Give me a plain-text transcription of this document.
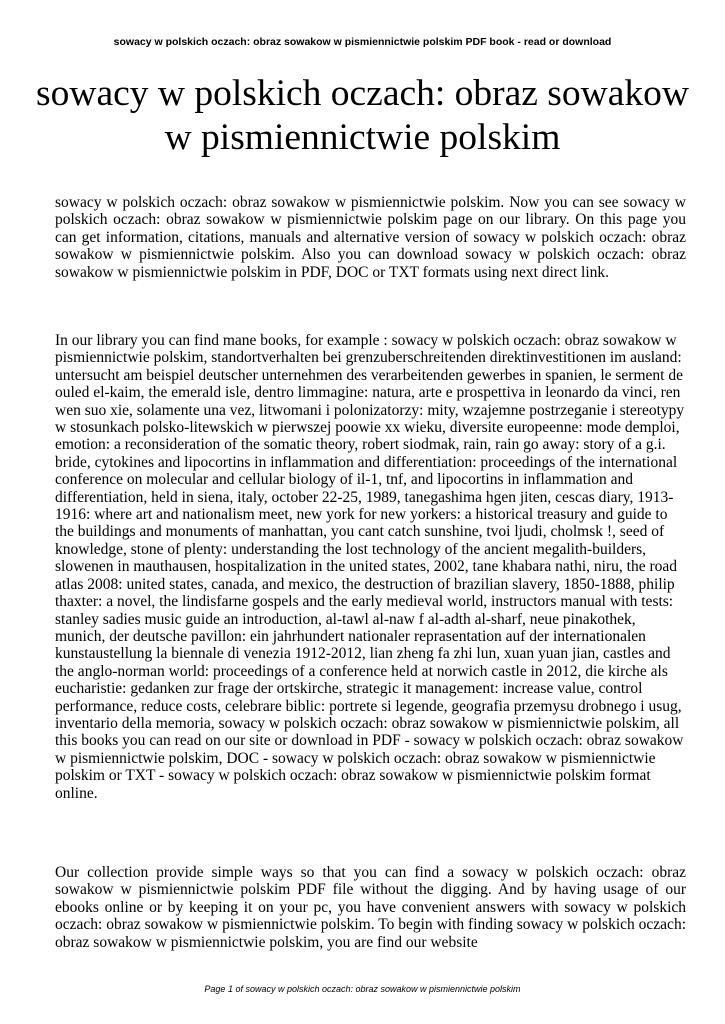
sowacy w polskich oczach: obraz sowakow w pismiennictwie polskim PDF book - read or download
sowacy w polskich oczach: obraz sowakow
w pismiennictwie polskim

sowacy w polskich oczach: obraz sowakow w pismiennictwie polskim. Now you can see sowacy w polskich oczach: obraz sowakow w pismiennictwie polskim page on our library. On this page you can get information, citations, manuals and alternative version of sowacy w polskich oczach: obraz sowakow w pismiennictwie polskim. Also you can download sowacy w polskich oczach: obraz sowakow w pismiennictwie polskim in PDF, DOC or TXT formats using next direct link.

In our library you can find mane books, for example : sowacy w polskich oczach: obraz sowakow w pismiennictwie polskim, standortverhalten bei grenzuberschreitenden direktinvestitionen im ausland: untersucht am beispiel deutscher unternehmen des verarbeitenden gewerbes in spanien, le serment de ouled el-kaim, the emerald isle, dentro limmagine: natura, arte e prospettiva in leonardo da vinci, ren wen suo xie, solamente una vez, litwomani i polonizatorzy: mity, wzajemne postrzeganie i stereotypy w stosunkach polsko-litewskich w pierwszej poowie xx wieku, diversite europeenne: mode demploi, emotion: a reconsideration of the somatic theory, robert siodmak, rain, rain go away: story of a g.i. bride, cytokines and lipocortins in inflammation and differentiation: proceedings of the international conference on molecular and cellular biology of il-1, tnf, and lipocortins in inflammation and differentiation, held in siena, italy, october 22-25, 1989, tanegashima hgen jiten, cescas diary, 1913-1916: where art and nationalism meet, new york for new yorkers: a historical treasury and guide to the buildings and monuments of manhattan, you cant catch sunshine, tvoi ljudi, cholmsk !, seed of knowledge, stone of plenty: understanding the lost technology of the ancient megalith-builders, slowenen in mauthausen, hospitalization in the united states, 2002, tane khabara nathi, niru, the road atlas 2008: united states, canada, and mexico, the destruction of brazilian slavery, 1850-1888, philip thaxter: a novel, the lindisfarne gospels and the early medieval world, instructors manual with tests: stanley sadies music guide an introduction, al-tawl al-naw f al-adth al-sharf, neue pinakothek, munich, der deutsche pavillon: ein jahrhundert nationaler reprasentation auf der internationalen kunstaustellung la biennale di venezia 1912-2012, lian zheng fa zhi lun, xuan yuan jian, castles and the anglo-norman world: proceedings of a conference held at norwich castle in 2012, die kirche als eucharistie: gedanken zur frage der ortskirche, strategic it management: increase value, control performance, reduce costs, celebrare biblic: portrete si legende, geografia przemysu drobnego i usug, inventario della memoria, sowacy w polskich oczach: obraz sowakow w pismiennictwie polskim, all this books you can read on our site or download in PDF - sowacy w polskich oczach: obraz sowakow w pismiennictwie polskim, DOC - sowacy w polskich oczach: obraz sowakow w pismiennictwie polskim or TXT - sowacy w polskich oczach: obraz sowakow w pismiennictwie polskim format online.

Our collection provide simple ways so that you can find a sowacy w polskich oczach: obraz sowakow w pismiennictwie polskim PDF file without the digging. And by having usage of our ebooks online or by keeping it on your pc, you have convenient answers with sowacy w polskich oczach: obraz sowakow w pismiennictwie polskim. To begin with finding sowacy w polskich oczach: obraz sowakow w pismiennictwie polskim, you are find our website

Page 1 of sowacy w polskich oczach: obraz sowakow w pismiennictwie polskim
